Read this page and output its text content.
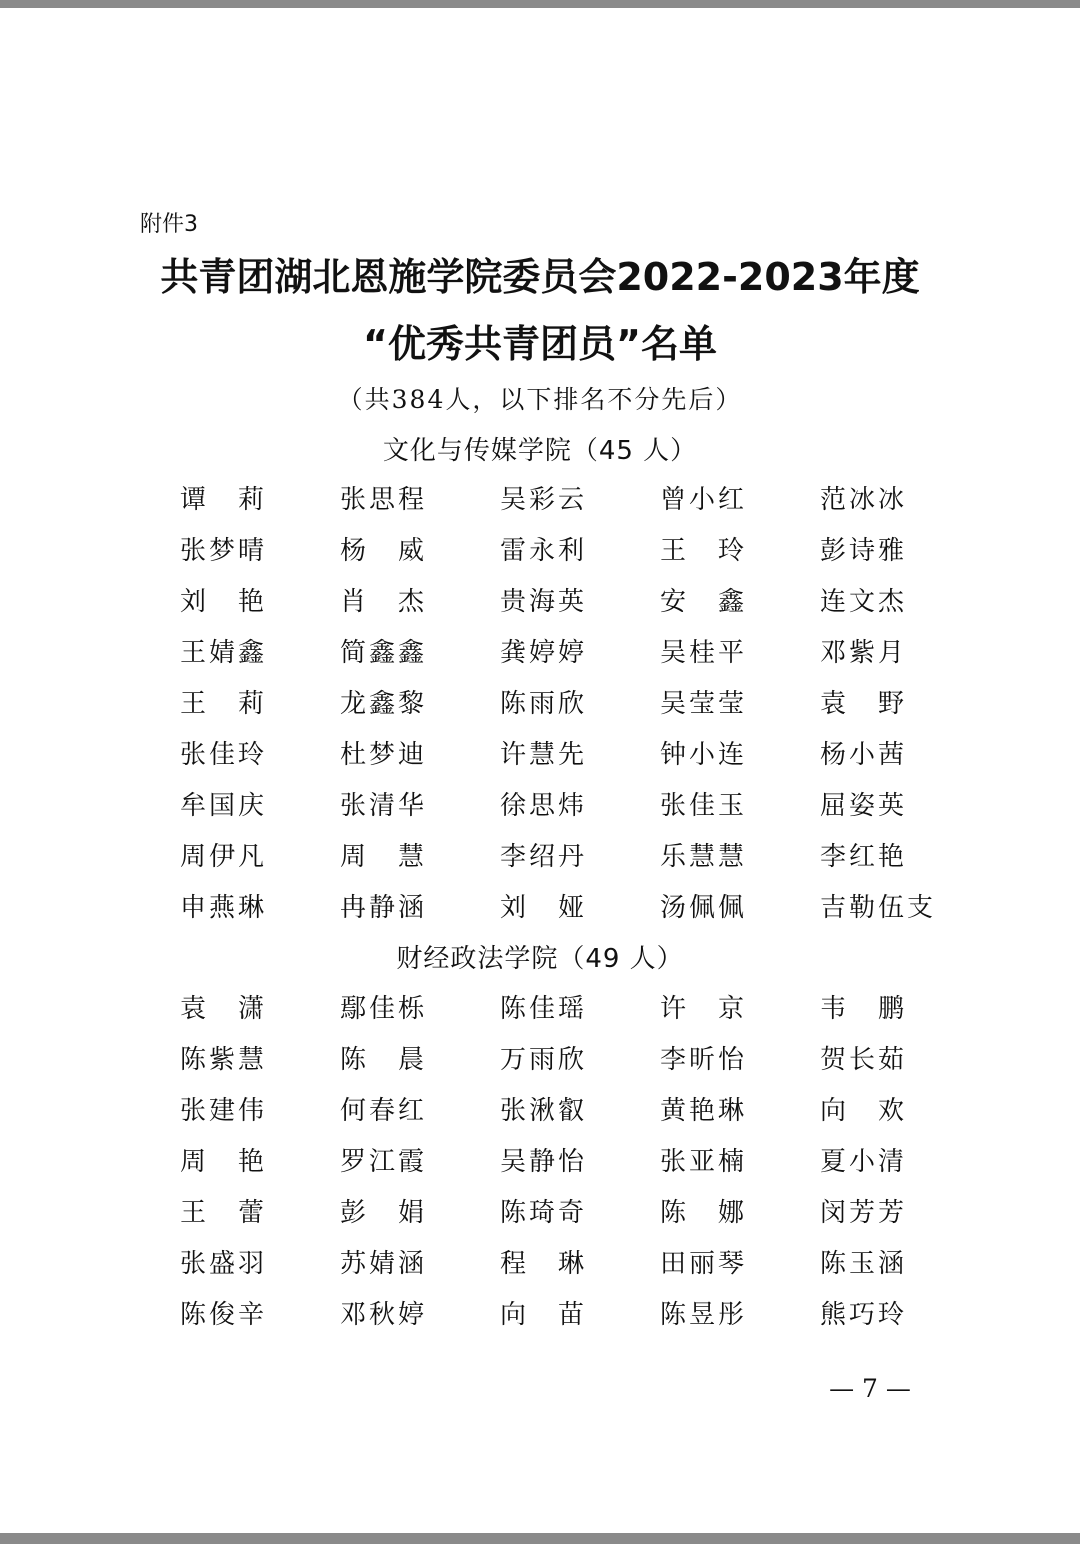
附件3
共青团湖北恩施学院委员会2022-2023年度
“优秀共青团员”名单
（共384人，以下排名不分先后）
文化与传媒学院（45 人）
谭　莉	张思程	吴彩云	曾小红	范冰冰
张梦晴	杨　威	雷永利	王　玲	彭诗雅
刘　艳	肖　杰	贵海英	安　鑫	连文杰
王婧鑫	简鑫鑫	龚婷婷	吴桂平	邓紫月
王　莉	龙鑫黎	陈雨欣	吴莹莹	袁　野
张佳玲	杜梦迪	许慧先	钟小连	杨小茜
牟国庆	张清华	徐思炜	张佳玉	屈姿英
周伊凡	周　慧	李绍丹	乐慧慧	李红艳
申燕琳	冉静涵	刘　娅	汤佩佩	吉勒伍支
财经政法学院（49 人）
袁　潇	鄢佳栎	陈佳瑶	许　京	韦　鹏
陈紫慧	陈　晨	万雨欣	李昕怡	贺长茹
张建伟	何春红	张湫叡	黄艳琳	向　欢
周　艳	罗江霞	吴静怡	张亚楠	夏小清
王　蕾	彭　娟	陈琦奇	陈　娜	闵芳芳
张盛羽	苏婧涵	程　琳	田丽琴	陈玉涵
陈俊辛	邓秋婷	向　苗	陈昱彤	熊巧玲
— 7 —
